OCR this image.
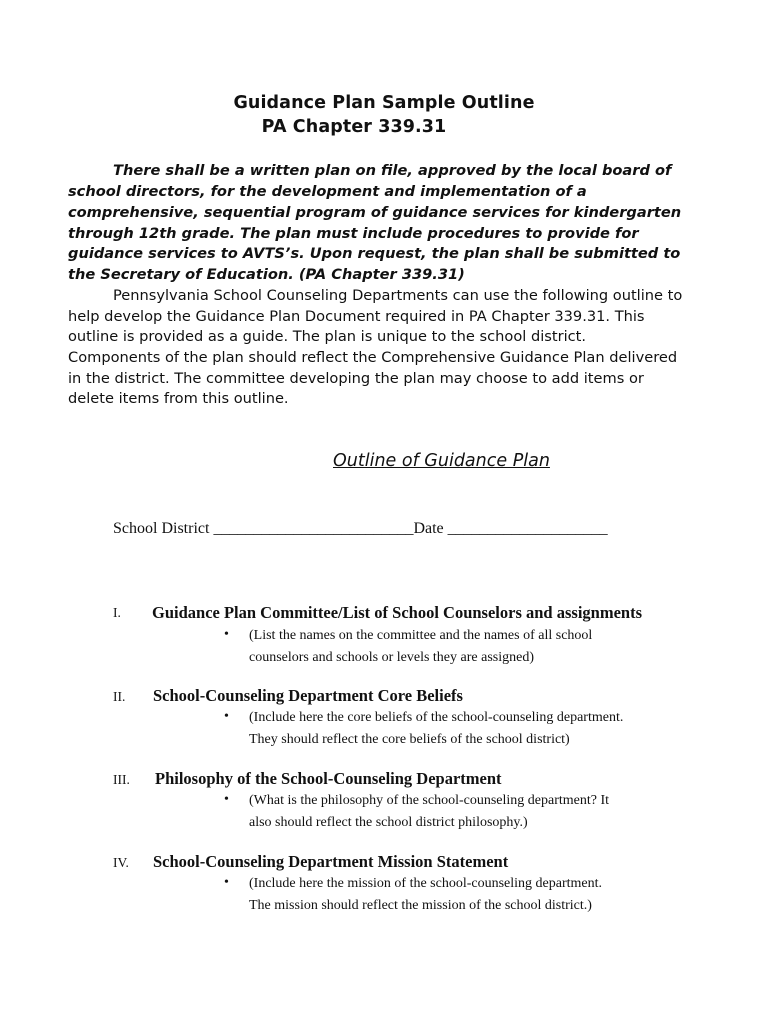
Guidance Plan Sample Outline
PA Chapter 339.31
There shall be a written plan on file, approved by the local board of
school directors, for the development and implementation of a
comprehensive, sequential program of guidance services for kindergarten
through 12th grade. The plan must include procedures to provide for
guidance services to AVTS’s. Upon request, the plan shall be submitted to
the Secretary of Education. (PA Chapter 339.31)
Pennsylvania School Counseling Departments can use the following outline to
help develop the Guidance Plan Document required in PA Chapter 339.31. This
outline is provided as a guide. The plan is unique to the school district.
Components of the plan should reflect the Comprehensive Guidance Plan delivered
in the district. The committee developing the plan may choose to add items or
delete items from this outline.
Outline of Guidance Plan
School District _________________________Date ____________________
I. Guidance Plan Committee/List of School Counselors and assignments
• (List the names on the committee and the names of all school
counselors and schools or levels they are assigned)
II. School-Counseling Department Core Beliefs
• (Include here the core beliefs of the school-counseling department.
They should reflect the core beliefs of the school district)
III. Philosophy of the School-Counseling Department
• (What is the philosophy of the school-counseling department? It
also should reflect the school district philosophy.)
IV. School-Counseling Department Mission Statement
• (Include here the mission of the school-counseling department.
The mission should reflect the mission of the school district.)
